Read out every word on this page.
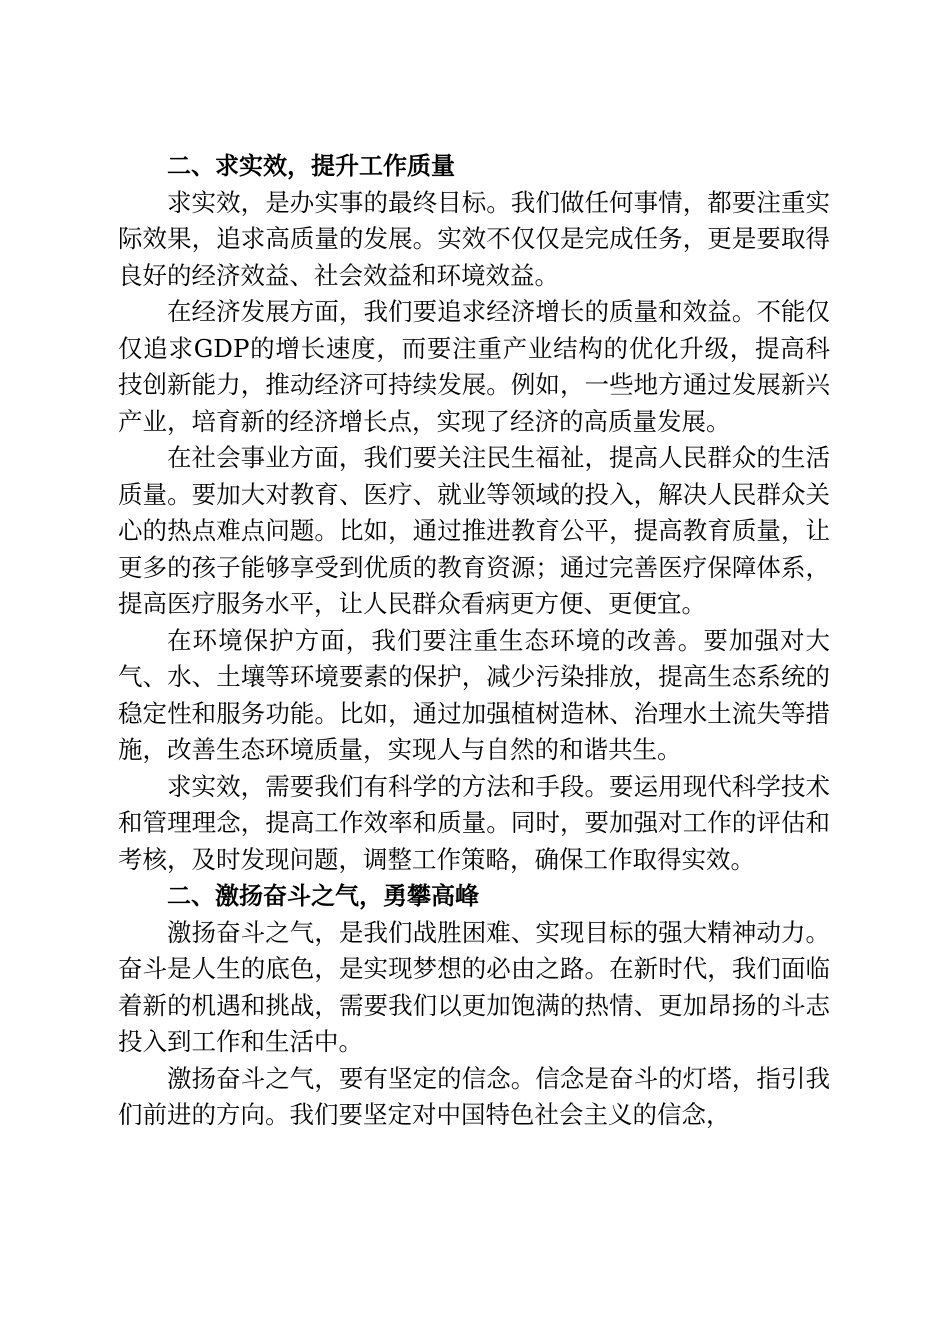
二、求实效，提升工作质量

求实效，是办实事的最终目标。我们做任何事情，都要注重实际效果，追求高质量的发展。实效不仅仅是完成任务，更是要取得良好的经济效益、社会效益和环境效益。

在经济发展方面，我们要追求经济增长的质量和效益。不能仅仅追求GDP的增长速度，而要注重产业结构的优化升级，提高科技创新能力，推动经济可持续发展。例如，一些地方通过发展新兴产业，培育新的经济增长点，实现了经济的高质量发展。

在社会事业方面，我们要关注民生福祉，提高人民群众的生活质量。要加大对教育、医疗、就业等领域的投入，解决人民群众关心的热点难点问题。比如，通过推进教育公平，提高教育质量，让更多的孩子能够享受到优质的教育资源；通过完善医疗保障体系，提高医疗服务水平，让人民群众看病更方便、更便宜。

在环境保护方面，我们要注重生态环境的改善。要加强对大气、水、土壤等环境要素的保护，减少污染排放，提高生态系统的稳定性和服务功能。比如，通过加强植树造林、治理水土流失等措施，改善生态环境质量，实现人与自然的和谐共生。

求实效，需要我们有科学的方法和手段。要运用现代科学技术和管理理念，提高工作效率和质量。同时，要加强对工作的评估和考核，及时发现问题，调整工作策略，确保工作取得实效。

二、激扬奋斗之气，勇攀高峰

激扬奋斗之气，是我们战胜困难、实现目标的强大精神动力。奋斗是人生的底色，是实现梦想的必由之路。在新时代，我们面临着新的机遇和挑战，需要我们以更加饱满的热情、更加昂扬的斗志投入到工作和生活中。

激扬奋斗之气，要有坚定的信念。信念是奋斗的灯塔，指引我们前进的方向。我们要坚定对中国特色社会主义的信念，
